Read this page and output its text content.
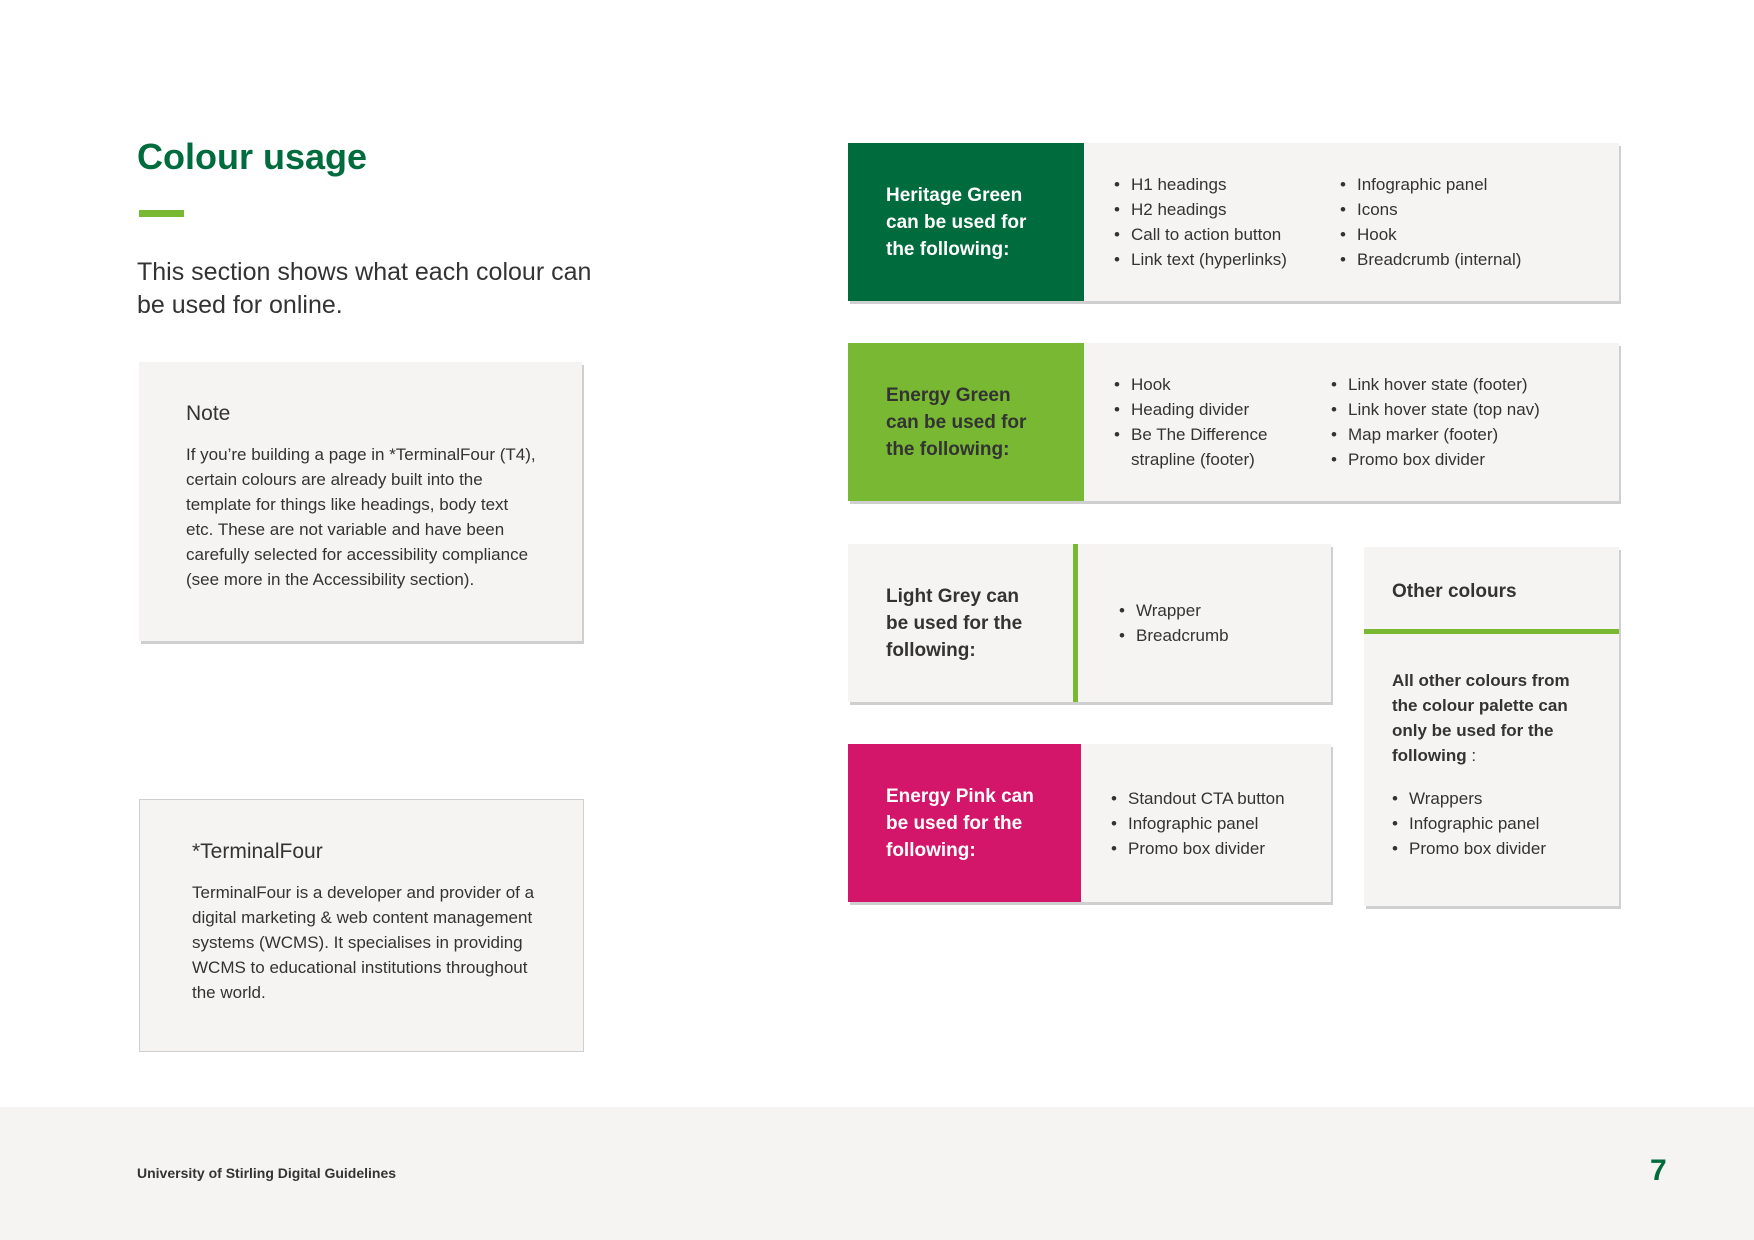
Colour usage

This section shows what each colour can be used for online.

Note

If you’re building a page in *TerminalFour (T4), certain colours are already built into the template for things like headings, body text etc. These are not variable and have been carefully selected for accessibility compliance (see more in the Accessibility section).

*TerminalFour

TerminalFour is a developer and provider of a digital marketing & web content management systems (WCMS). It specialises in providing WCMS to educational institutions throughout the world.

Heritage Green can be used for the following:
• H1 headings
• H2 headings
• Call to action button
• Link text (hyperlinks)
• Infographic panel
• Icons
• Hook
• Breadcrumb (internal)
Energy Green can be used for the following:
• Hook
• Heading divider
• Be The Difference strapline (footer)
• Link hover state (footer)
• Link hover state (top nav)
• Map marker (footer)
• Promo box divider
Light Grey can be used for the following:
• Wrapper
• Breadcrumb
Energy Pink can be used for the following:
• Standout CTA button
• Infographic panel
• Promo box divider
Other colours

All other colours from the colour palette can only be used for the following :

• Wrappers
• Infographic panel
• Promo box divider
University of Stirling Digital Guidelines	7
